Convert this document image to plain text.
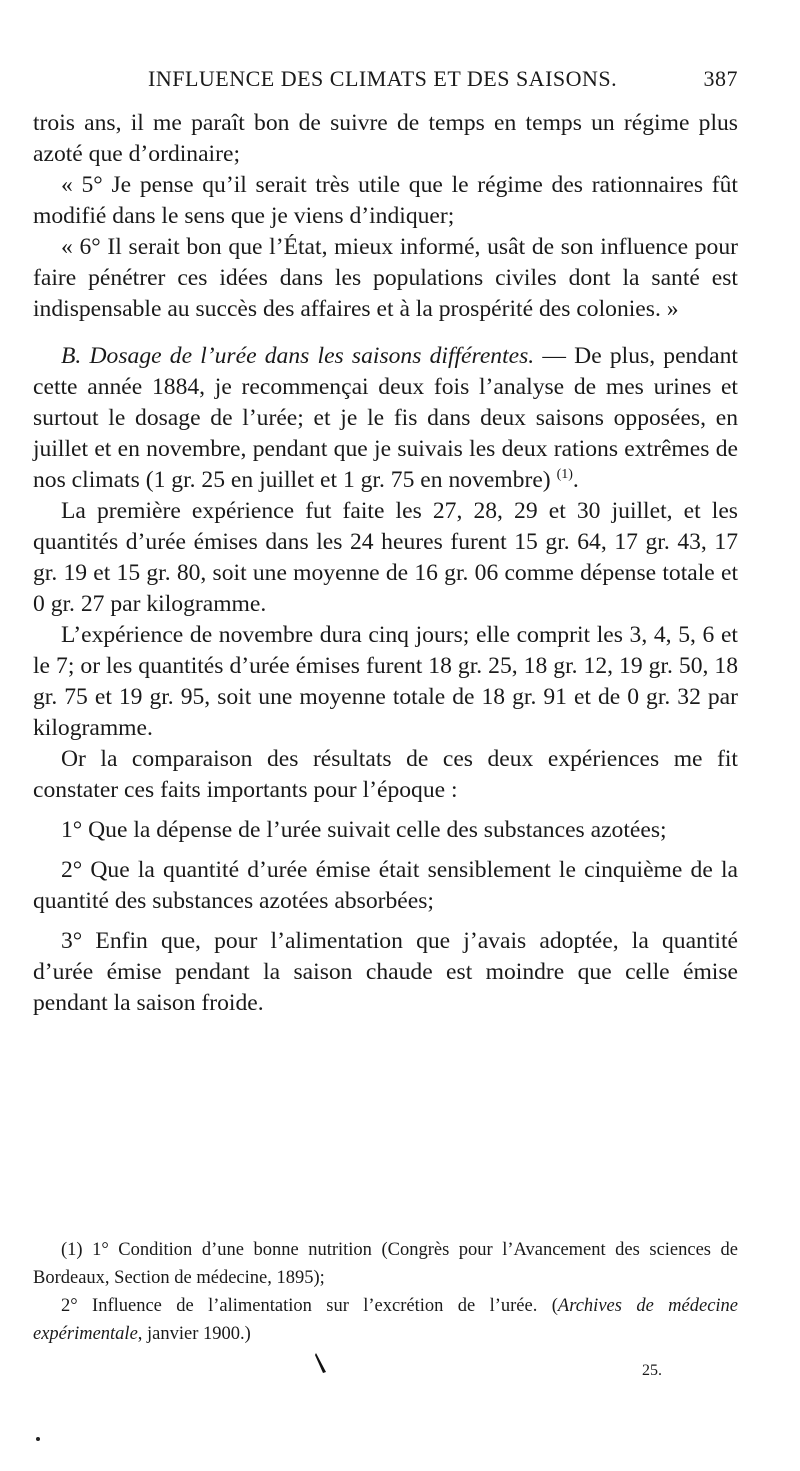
INFLUENCE DES CLIMATS ET DES SAISONS.	387

trois ans, il me paraît bon de suivre de temps en temps un régime plus azoté que d’ordinaire;

« 5° Je pense qu’il serait très utile que le régime des rationnaires fût modifié dans le sens que je viens d’indiquer;

« 6° Il serait bon que l’État, mieux informé, usât de son influence pour faire pénétrer ces idées dans les populations civiles dont la santé est indispensable au succès des affaires et à la prospérité des colonies. »

B. Dosage de l’urée dans les saisons différentes. — De plus, pendant cette année 1884, je recommençai deux fois l’analyse de mes urines et surtout le dosage de l’urée; et je le fis dans deux saisons opposées, en juillet et en novembre, pendant que je suivais les deux rations extrêmes de nos climats (1 gr. 25 en juillet et 1 gr. 75 en novembre) $^{(1)}$.

La première expérience fut faite les 27, 28, 29 et 30 juillet, et les quantités d’urée émises dans les 24 heures furent 15 gr. 64, 17 gr. 43, 17 gr. 19 et 15 gr. 80, soit une moyenne de 16 gr. 06 comme dépense totale et 0 gr. 27 par kilogramme.

L’expérience de novembre dura cinq jours; elle comprit les 3, 4, 5, 6 et le 7; or les quantités d’urée émises furent 18 gr. 25, 18 gr. 12, 19 gr. 50, 18 gr. 75 et 19 gr. 95, soit une moyenne totale de 18 gr. 91 et de 0 gr. 32 par kilogramme.

Or la comparaison des résultats de ces deux expériences me fit constater ces faits importants pour l’époque :

1° Que la dépense de l’urée suivait celle des substances azotées;

2° Que la quantité d’urée émise était sensiblement le cinquième de la quantité des substances azotées absorbées;

3° Enfin que, pour l’alimentation que j’avais adoptée, la quantité d’urée émise pendant la saison chaude est moindre que celle émise pendant la saison froide.

(1) 1° Condition d’une bonne nutrition (Congrès pour l’Avancement des sciences de Bordeaux, Section de médecine, 1895);

2° Influence de l’alimentation sur l’excrétion de l’urée. (Archives de médecine expérimentale, janvier 1900.)

25.
